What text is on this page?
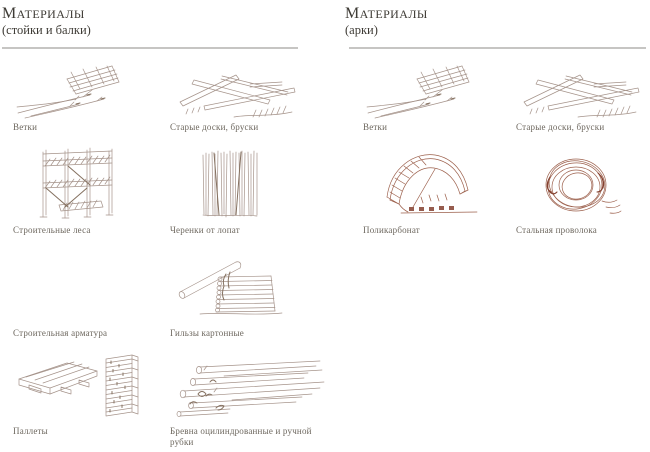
МАТЕРИАЛЫ

(стойки и балки)

МАТЕРИАЛЫ

(арки)

Ветки	Старые доски, бруски
Строительные леса	Черенки от лопат
Строительная арматура	Гильзы картонные
Паллеты	Бревна оцилиндрованные и ручной рубки
Ветки	Старые доски, бруски
Поликарбонат	Стальная проволока
